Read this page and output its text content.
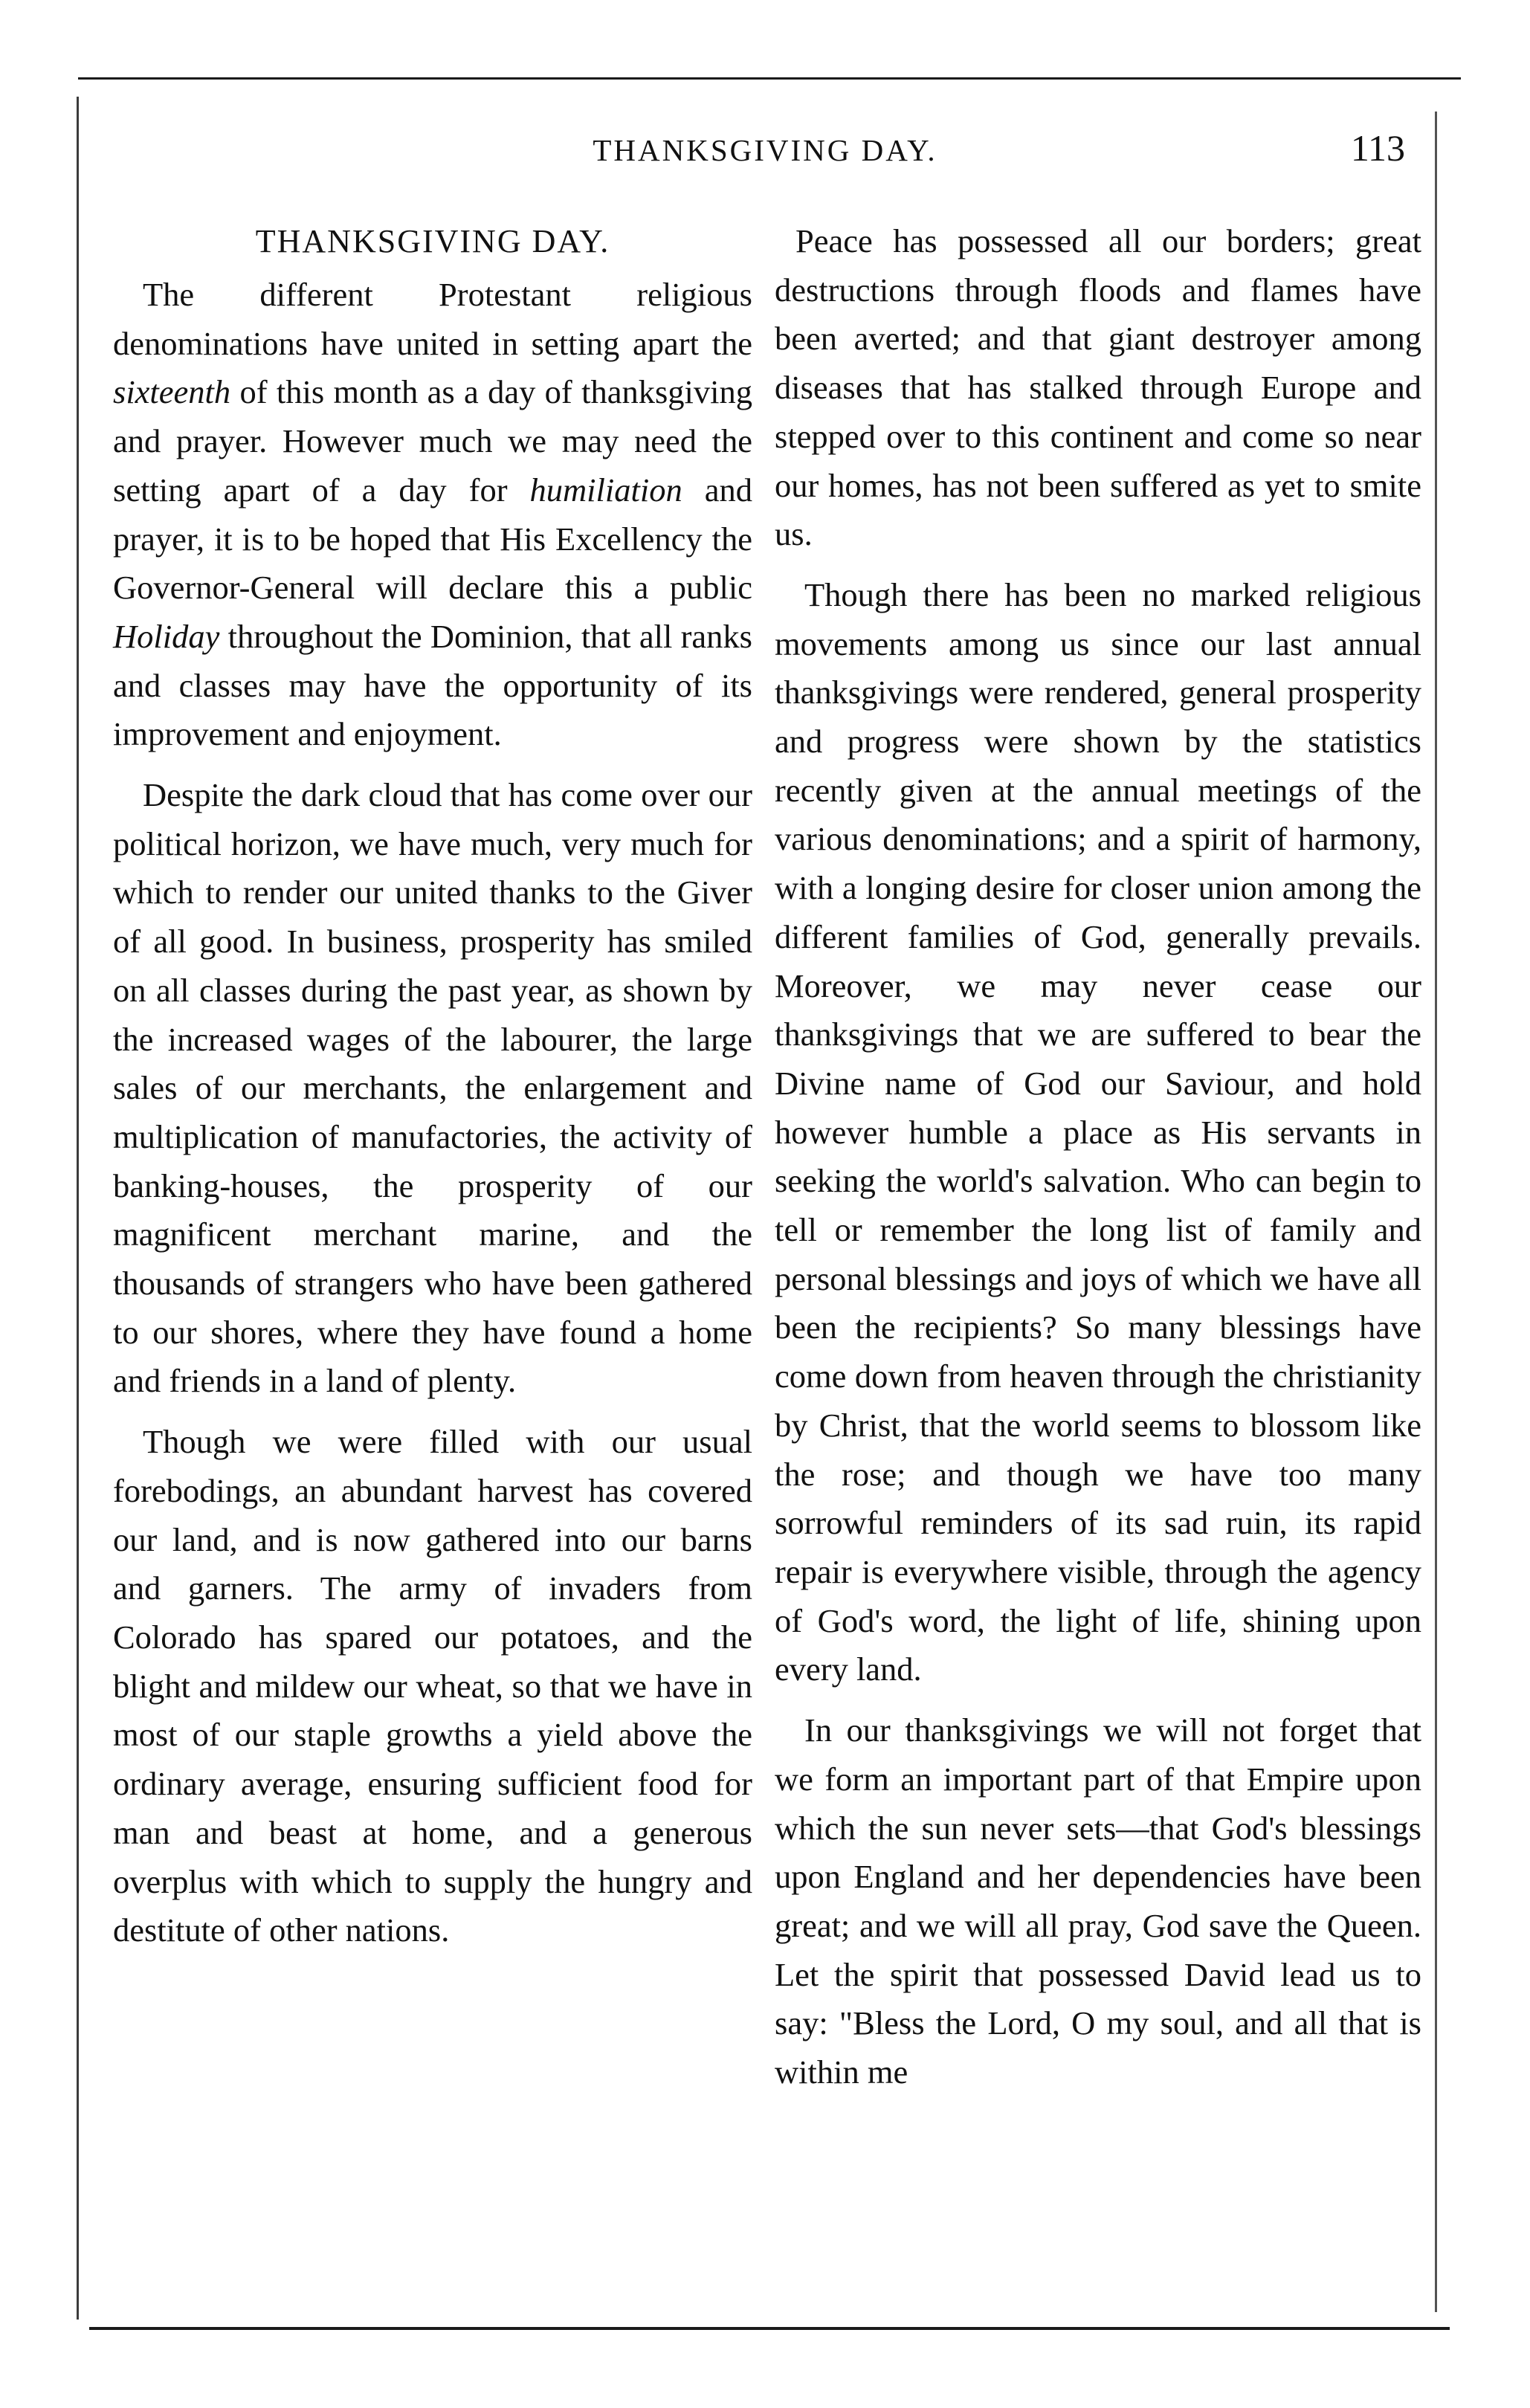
THANKSGIVING DAY.	113
THANKSGIVING DAY.

The different Protestant religious denominations have united in setting apart the sixteenth of this month as a day of thanksgiving and prayer. However much we may need the setting apart of a day for humiliation and prayer, it is to be hoped that His Excellency the Governor-General will declare this a public Holiday throughout the Dominion, that all ranks and classes may have the opportunity of its improvement and enjoyment.

Despite the dark cloud that has come over our political horizon, we have much, very much for which to render our united thanks to the Giver of all good. In business, prosperity has smiled on all classes during the past year, as shown by the increased wages of the labourer, the large sales of our merchants, the enlargement and multiplication of manufactories, the activity of banking-houses, the prosperity of our magnificent merchant marine, and the thousands of strangers who have been gathered to our shores, where they have found a home and friends in a land of plenty.

Though we were filled with our usual forebodings, an abundant harvest has covered our land, and is now gathered into our barns and garners. The army of invaders from Colorado has spared our potatoes, and the blight and mildew our wheat, so that we have in most of our staple growths a yield above the ordinary average, ensuring sufficient food for man and beast at home, and a generous overplus with which to supply the hungry and destitute of other nations.

Peace has possessed all our borders; great destructions through floods and flames have been averted; and that giant destroyer among diseases that has stalked through Europe and stepped over to this continent and come so near our homes, has not been suffered as yet to smite us.

Though there has been no marked religious movements among us since our last annual thanksgivings were rendered, general prosperity and progress were shown by the statistics recently given at the annual meetings of the various denominations; and a spirit of harmony, with a longing desire for closer union among the different families of God, generally prevails. Moreover, we may never cease our thanksgivings that we are suffered to bear the Divine name of God our Saviour, and hold however humble a place as His servants in seeking the world's salvation. Who can begin to tell or remember the long list of family and personal blessings and joys of which we have all been the recipients? So many blessings have come down from heaven through the christianity by Christ, that the world seems to blossom like the rose; and though we have too many sorrowful reminders of its sad ruin, its rapid repair is everywhere visible, through the agency of God's word, the light of life, shining upon every land.

In our thanksgivings we will not forget that we form an important part of that Empire upon which the sun never sets—that God's blessings upon England and her dependencies have been great; and we will all pray, God save the Queen. Let the spirit that possessed David lead us to say: "Bless the Lord, O my soul, and all that is within me
